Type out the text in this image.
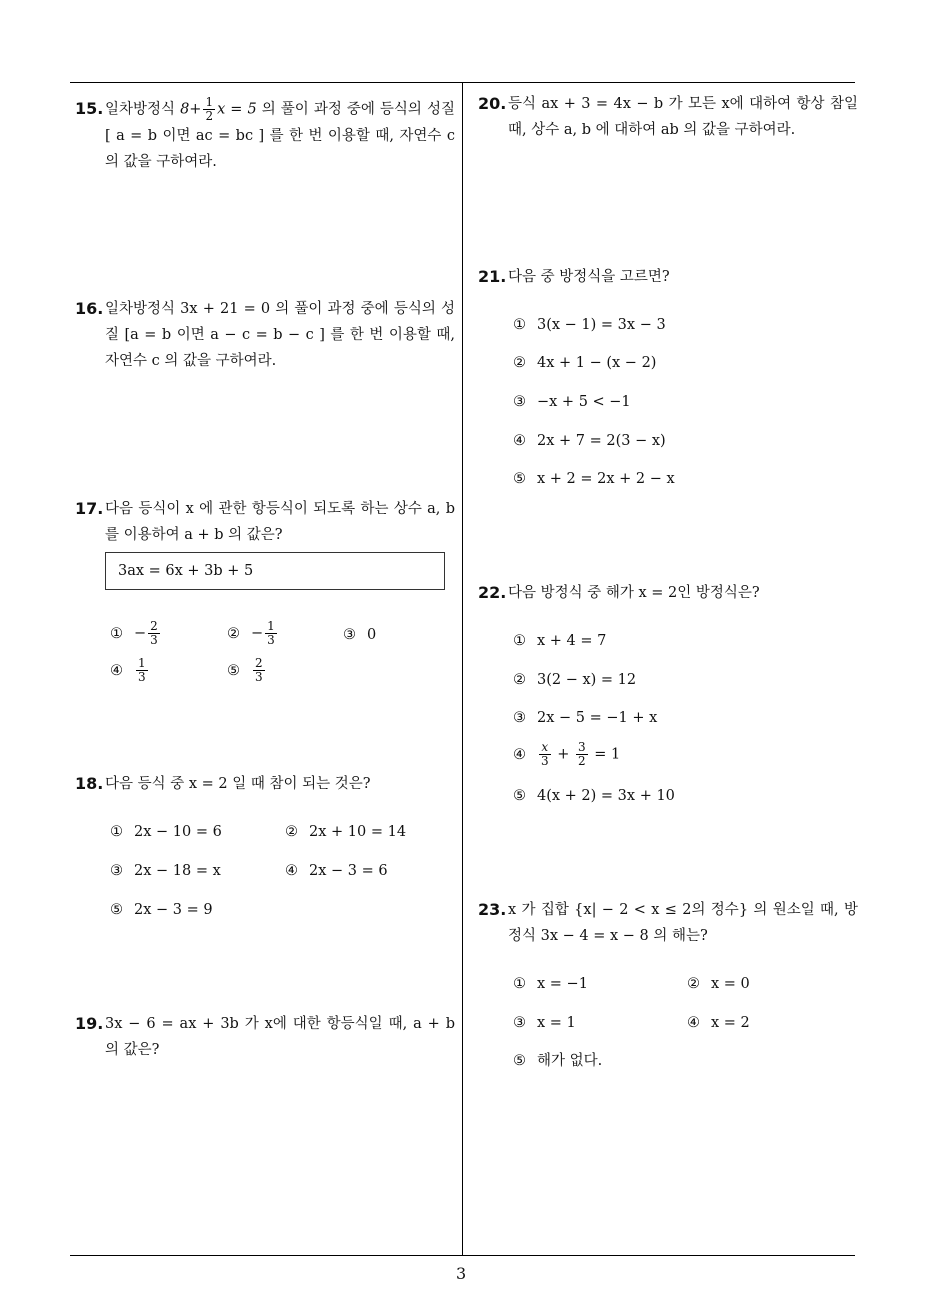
15. 일차방정식 $8+ \frac{1}{2}$ x = 5 의 풀이 과정 중에 등식의 성질 [ a = b 이면 ac = bc ] 를 한 번 이용할 때, 자연수 c 의 값을 구하여라.
16. 일차방정식 3x + 21 = 0 의 풀이 과정 중에 등식의 성질 [a = b 이면 a − c = b − c ] 를 한 번 이용할 때, 자연수 c 의 값을 구하여라.
17. 다음 등식이 x 에 관한 항등식이 되도록 하는 상수 a, b 를 이용하여 a + b 의 값은?
3ax = 6x + 3b + 5
① − $\frac{2}{3}$	② − $\frac{1}{3}$	③ 0
④ $\frac{1}{3}$	⑤ $\frac{2}{3}$
18. 다음 등식 중 x = 2 일 때 참이 되는 것은?
① 2x − 10 = 6	② 2x + 10 = 14
③ 2x − 18 = x	④ 2x − 3 = 6
⑤ 2x − 3 = 9
19. 3x − 6 = ax + 3b 가 x에 대한 항등식일 때, a + b 의 값은?
20. 등식 ax + 3 = 4x − b 가 모든 x에 대하여 항상 참일 때, 상수 a, b 에 대하여 ab 의 값을 구하여라.
21. 다음 중 방정식을 고르면?
① 3(x − 1) = 3x − 3
② 4x + 1 − (x − 2)
③ −x + 5 < −1
④ 2x + 7 = 2(3 − x)
⑤ x + 2 = 2x + 2 − x
22. 다음 방정식 중 해가 x = 2인 방정식은?
① x + 4 = 7
② 3(2 − x) = 12
③ 2x − 5 = −1 + x
④ $\frac{x}{3} + \frac{3}{2} = 1$
⑤ 4(x + 2) = 3x + 10
23. x 가 집합 {x| − 2 < x ≤ 2의 정수} 의 원소일 때, 방정식 3x − 4 = x − 8 의 해는?
① x = −1	② x = 0
③ x = 1	④ x = 2
⑤ 해가 없다.
3
